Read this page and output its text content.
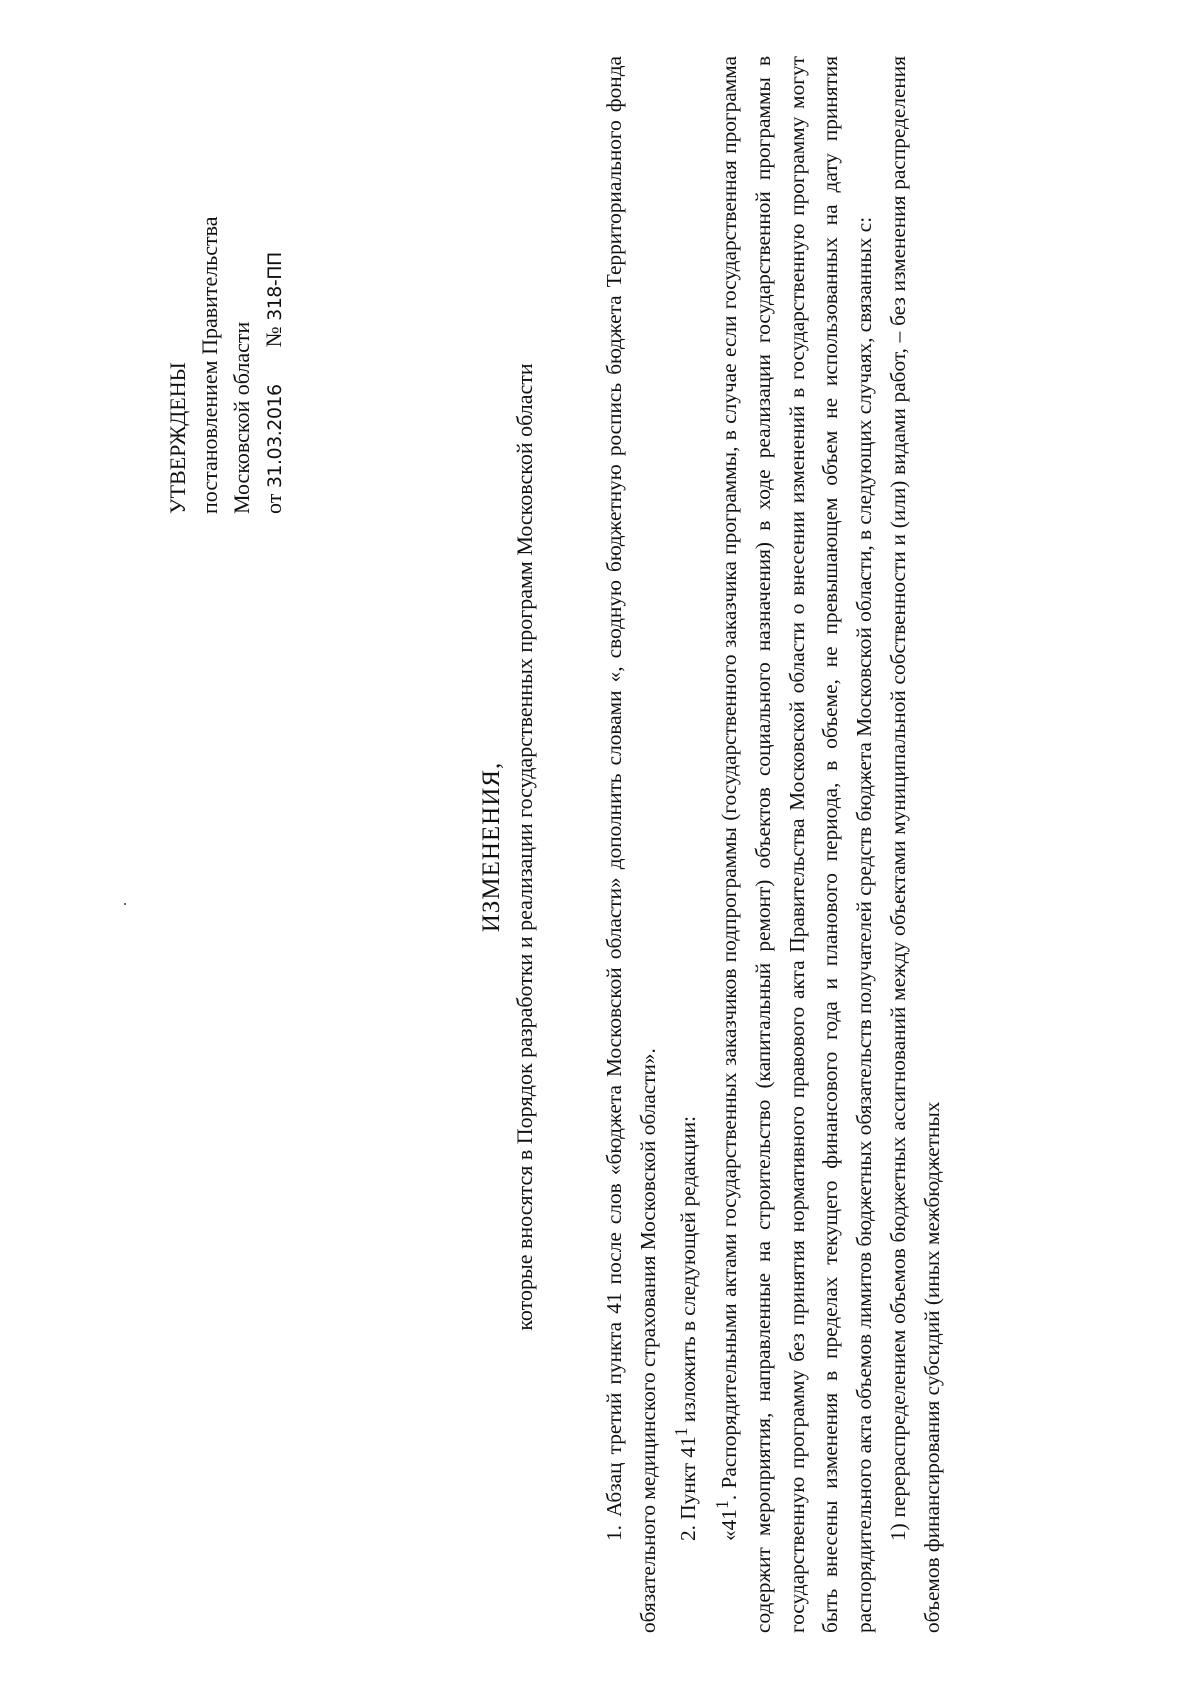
УТВЕРЖДЕНЫ постановлением Правительства Московской области от 31.03.2016  № 318-ПП
ИЗМЕНЕНИЯ, которые вносятся в Порядок разработки и реализации государственных программ Московской области	1. Абзац третий пункта 41 после слов «бюджета Московской области» дополнить словами «, сводную бюджетную роспись бюджета Территориального фонда обязательного медицинского страхования Московской области». 2. Пункт $41^1$ изложить в следующей редакции:

«$41^1$. Распорядительными актами государственных заказчиков подпрограммы (государственного заказчика программы, в случае если государственная программа содержит мероприятия, направленные на строительство (капитальный ремонт) объектов социального назначения) в ходе реализации государственной программы в государственную программу без принятия нормативного правового акта Правительства Московской области о внесении изменений в государственную программу могут быть внесены изменения в пределах текущего финансового года и планового периода, в объеме, не превышающем объем не использованных на дату принятия распорядительного акта объемов лимитов бюджетных обязательств получателей средств бюджета Московской области, в следующих случаях, связанных с: 1) перераспределением объемов бюджетных ассигнований между объектами муниципальной собственности и (или) видами работ, – без изменения распределения объемов финансирования субсидий (иных межбюджетных
